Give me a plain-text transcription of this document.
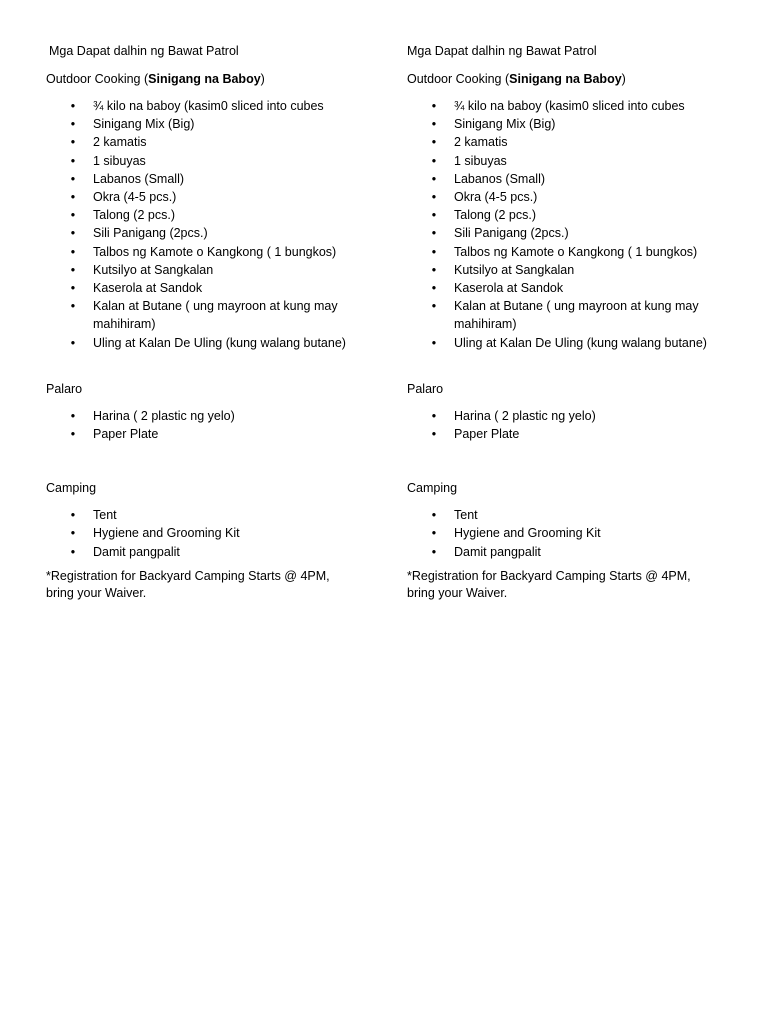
Mga Dapat dalhin ng Bawat Patrol

Outdoor Cooking (Sinigang na Baboy)

• ¾ kilo na baboy (kasim0 sliced into cubes
• Sinigang Mix (Big)
• 2 kamatis
• 1 sibuyas
• Labanos (Small)
• Okra (4-5 pcs.)
• Talong (2 pcs.)
• Sili Panigang (2pcs.)
• Talbos ng Kamote o Kangkong ( 1 bungkos)
• Kutsilyo at Sangkalan
• Kaserola at Sandok
• Kalan at Butane ( ung mayroon at kung may mahihiram)
• Uling at Kalan De Uling (kung walang butane)

Palaro

• Harina ( 2 plastic ng yelo)
• Paper Plate

Camping

• Tent
• Hygiene and Grooming Kit
• Damit pangpalit

*Registration for Backyard Camping Starts @ 4PM, bring your Waiver.

Mga Dapat dalhin ng Bawat Patrol

Outdoor Cooking (Sinigang na Baboy)

• ¾ kilo na baboy (kasim0 sliced into cubes
• Sinigang Mix (Big)
• 2 kamatis
• 1 sibuyas
• Labanos (Small)
• Okra (4-5 pcs.)
• Talong (2 pcs.)
• Sili Panigang (2pcs.)
• Talbos ng Kamote o Kangkong ( 1 bungkos)
• Kutsilyo at Sangkalan
• Kaserola at Sandok
• Kalan at Butane ( ung mayroon at kung may mahihiram)
• Uling at Kalan De Uling (kung walang butane)

Palaro

• Harina ( 2 plastic ng yelo)
• Paper Plate

Camping

• Tent
• Hygiene and Grooming Kit
• Damit pangpalit

*Registration for Backyard Camping Starts @ 4PM, bring your Waiver.
